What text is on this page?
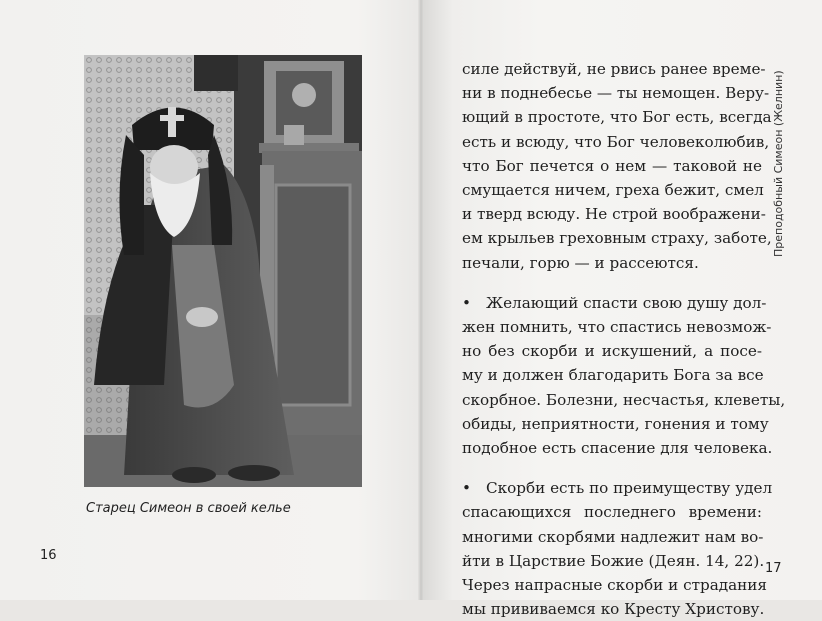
Старец Симеон в своей келье
16
Преподобный Симеон (Желнин)
силе действуй, не рвись ранее време-
ни в поднебесье — ты немощен. Веру-
ющий в простоте, что Бог есть, всегда
есть и всюду, что Бог человеколюбив,
что Бог печется о нем — таковой не
смущается ничем, греха бежит, смел
и тверд всюду. Не строй воображени-
ем крыльев греховным страху, заботе,
печали, горю — и рассеются.
• Желающий спасти свою душу дол-
жен помнить, что спастись невозмож-
но без скорби и искушений, а посе-
му и должен благодарить Бога за все
скорбное. Болезни, несчастья, клеветы,
обиды, неприятности, гонения и тому
подобное есть спасение для человека.
• Скорби есть по преимуществу удел
спасающихся последнего времени:
многими скорбями надлежит нам во-
йти в Царствие Божие (Деян. 14, 22).
Через напрасные скорби и страдания
мы прививаемся ко Кресту Христову.
17
